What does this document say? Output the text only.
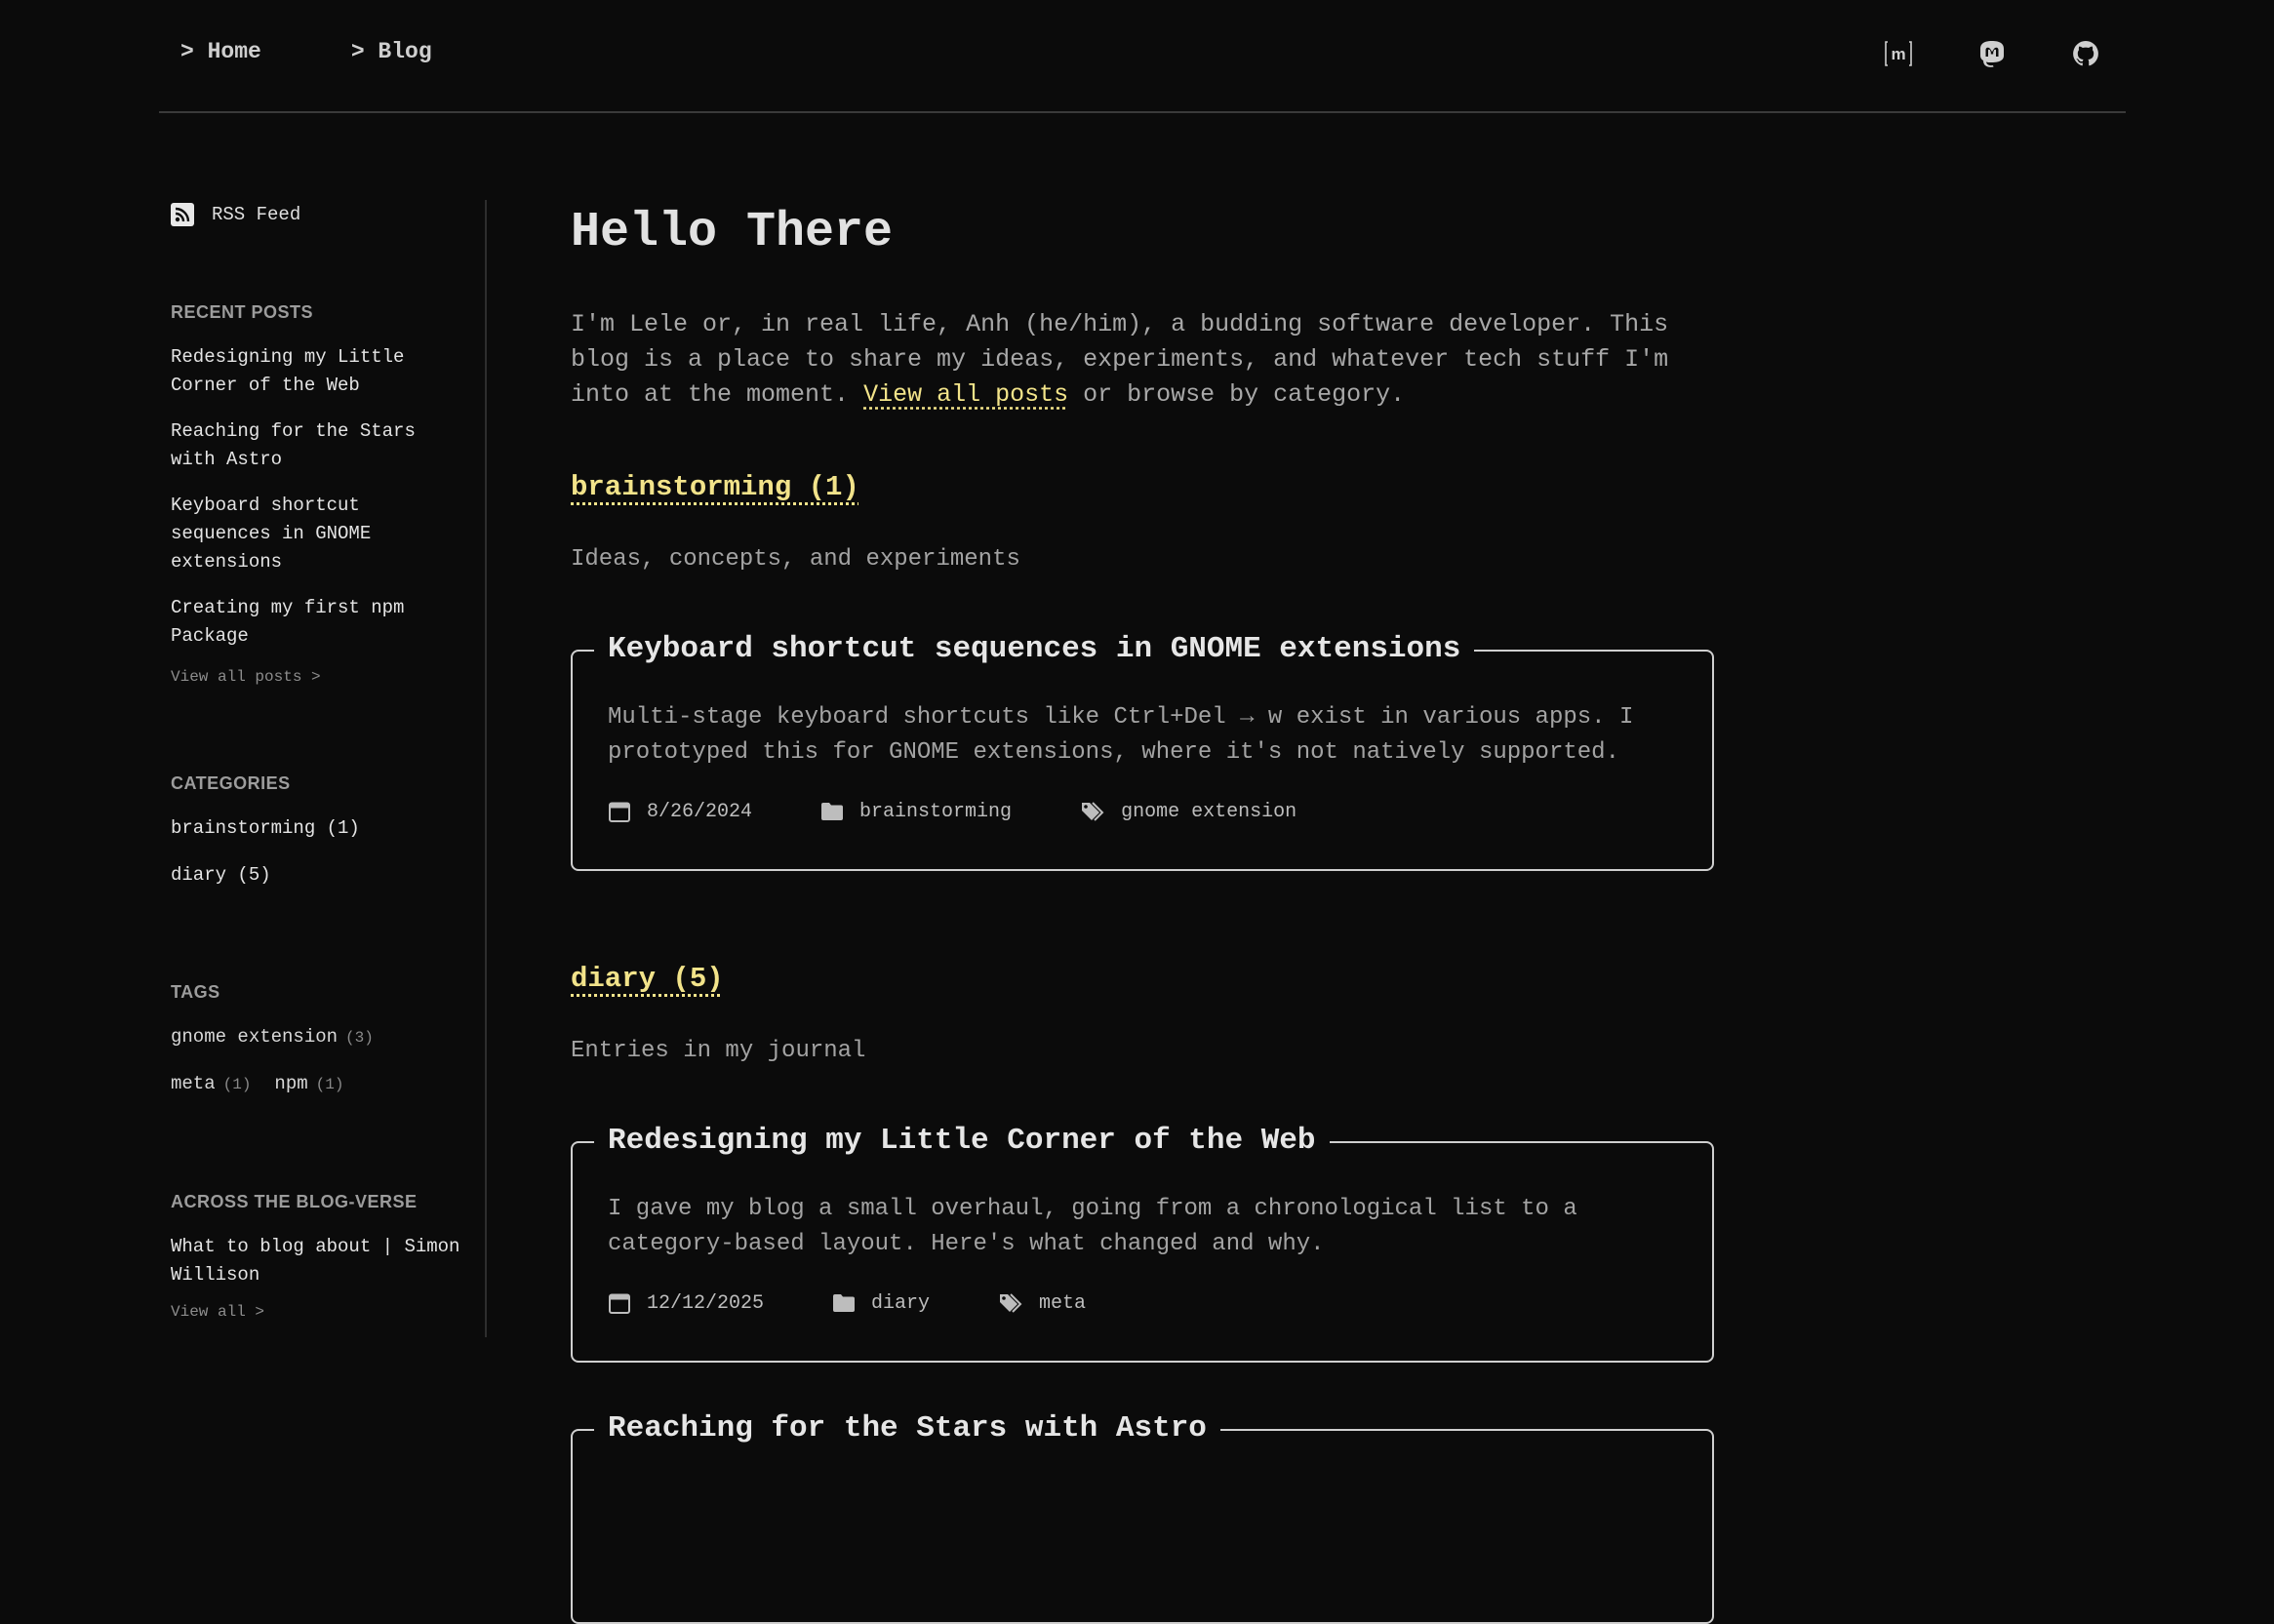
> Home	> Blog	m
RSS Feed
RECENT POSTS
Redesigning my Little Corner of the Web
Reaching for the Stars with Astro
Keyboard shortcut sequences in GNOME extensions
Creating my first npm Package
View all posts >
CATEGORIES
brainstorming (1)
diary (5)
TAGS
gnome extension (3)
meta (1) npm (1)
ACROSS THE BLOG-VERSE
What to blog about | Simon Willison
View all >
Hello There

I'm Lele or, in real life, Anh (he/him), a budding software developer. This blog is a place to share my ideas, experiments, and whatever tech stuff I'm into at the moment. View all posts or browse by category.

brainstorming (1)
Ideas, concepts, and experiments
Keyboard shortcut sequences in GNOME extensions
Multi-stage keyboard shortcuts like Ctrl+Del → w exist in various apps. I prototyped this for GNOME extensions, where it's not natively supported.
8/26/2024	brainstorming	gnome extension
diary (5)
Entries in my journal
Redesigning my Little Corner of the Web
I gave my blog a small overhaul, going from a chronological list to a category-based layout. Here's what changed and why.
12/12/2025	diary	meta
Reaching for the Stars with Astro
